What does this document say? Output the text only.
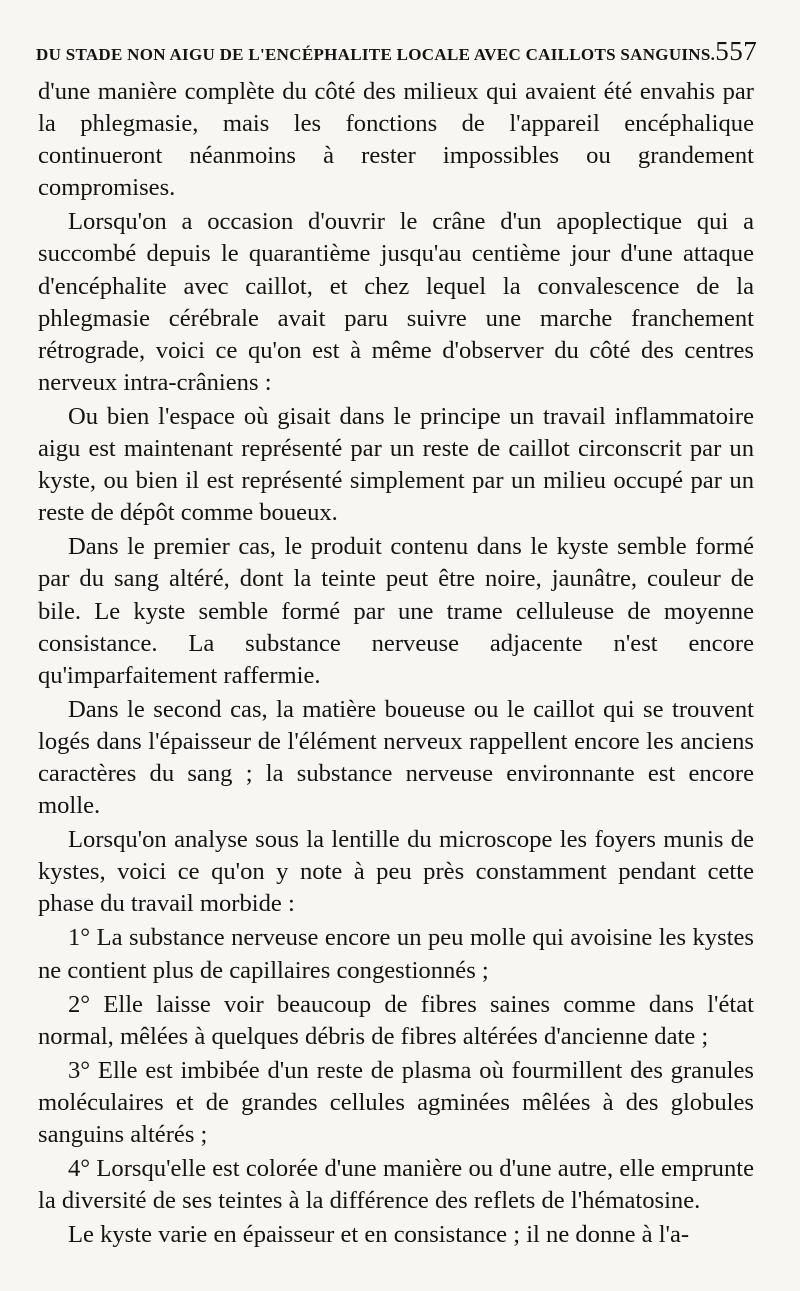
DU STADE NON AIGU DE L'ENCÉPHALITE LOCALE AVEC CAILLOTS SANGUINS. 557

d'une manière complète du côté des milieux qui avaient été envahis par la phlegmasie, mais les fonctions de l'appareil encéphalique continueront néanmoins à rester impossibles ou grandement compromises.

Lorsqu'on a occasion d'ouvrir le crâne d'un apoplectique qui a succombé depuis le quarantième jusqu'au centième jour d'une attaque d'encéphalite avec caillot, et chez lequel la convalescence de la phlegmasie cérébrale avait paru suivre une marche franchement rétrograde, voici ce qu'on est à même d'observer du côté des centres nerveux intra-crâniens :

Ou bien l'espace où gisait dans le principe un travail inflammatoire aigu est maintenant représenté par un reste de caillot circonscrit par un kyste, ou bien il est représenté simplement par un milieu occupé par un reste de dépôt comme boueux.

Dans le premier cas, le produit contenu dans le kyste semble formé par du sang altéré, dont la teinte peut être noire, jaunâtre, couleur de bile. Le kyste semble formé par une trame celluleuse de moyenne consistance. La substance nerveuse adjacente n'est encore qu'imparfaitement raffermie.

Dans le second cas, la matière boueuse ou le caillot qui se trouvent logés dans l'épaisseur de l'élément nerveux rappellent encore les anciens caractères du sang ; la substance nerveuse environnante est encore molle.

Lorsqu'on analyse sous la lentille du microscope les foyers munis de kystes, voici ce qu'on y note à peu près constamment pendant cette phase du travail morbide :

1° La substance nerveuse encore un peu molle qui avoisine les kystes ne contient plus de capillaires congestionnés ;

2° Elle laisse voir beaucoup de fibres saines comme dans l'état normal, mêlées à quelques débris de fibres altérées d'ancienne date ;

3° Elle est imbibée d'un reste de plasma où fourmillent des granules moléculaires et de grandes cellules agminées mêlées à des globules sanguins altérés ;

4° Lorsqu'elle est colorée d'une manière ou d'une autre, elle emprunte la diversité de ses teintes à la différence des reflets de l'hématosine.

Le kyste varie en épaisseur et en consistance ; il ne donne à l'a-
